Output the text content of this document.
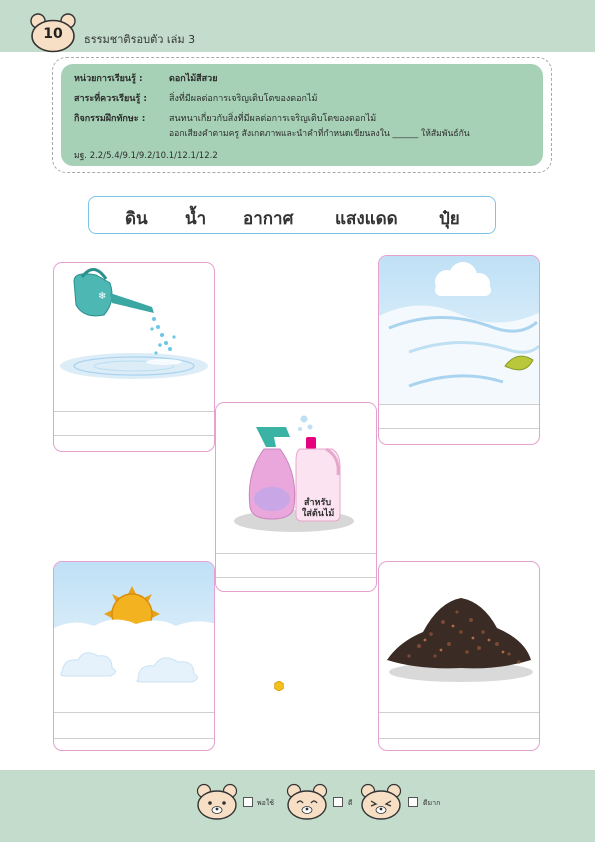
10	ธรรมชาติรอบตัว เล่ม 3
หน่วยการเรียนรู้ :	ดอกไม้สีสวย
สาระที่ควรเรียนรู้ : สิ่งที่มีผลต่อการเจริญเติบโตของดอกไม้
กิจกรรมฝึกทักษะ :	สนทนาเกี่ยวกับสิ่งที่มีผลต่อการเจริญเติบโตของดอกไม้
ออกเสียงคำตามครู สังเกตภาพและนำคำที่กำหนดเขียนลงใน ______ ให้สัมพันธ์กัน
มฐ. 2.2/5.4/9.1/9.2/10.1/12.1/12.2
ดิน น้ำ อากาศ แสงแดด ปุ๋ย
❄
สำหรับ
ใส่ต้นไม้
พอใช้	ดี	ดีมาก
